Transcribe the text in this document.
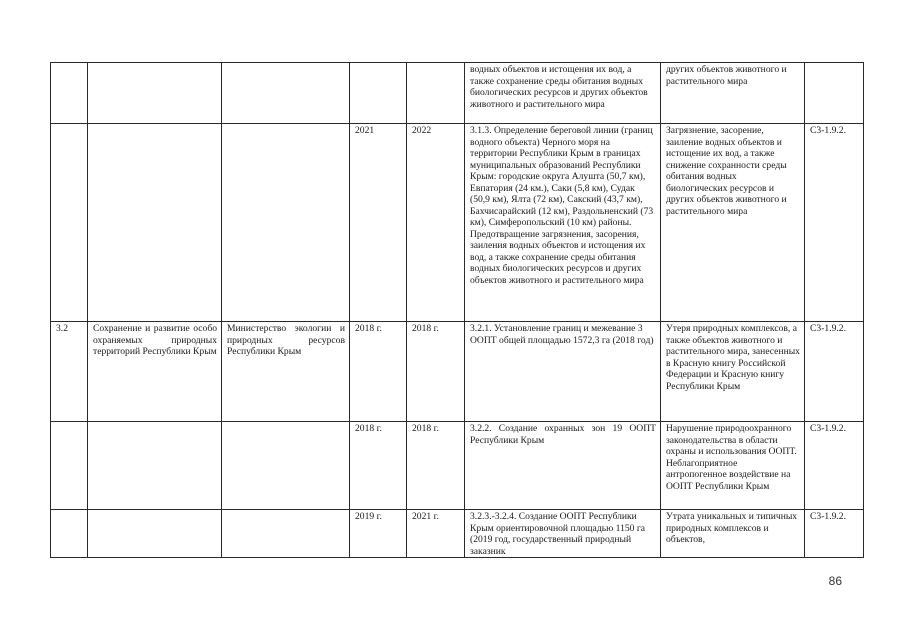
					водных объектов и истощения их вод, а также сохранение среды обитания водных биологических ресурсов и других объектов животного и растительного мира	других объектов животного и растительного мира	
			2021	2022	3.1.3. Определение береговой линии (границ водного объекта) Черного моря на территории Республики Крым в границах муниципальных образований Республики Крым: городские округа Алушта (50,7 км), Евпатория (24 км.), Саки (5,8 км), Судак (50,9 км), Ялта (72 км), Сакский (43,7 км), Бахчисарайский (12 км), Раздольненский (73 км), Симферопольский (10 км) районы. Предотвращение загрязнения, засорения, заиления водных объектов и истощения их вод, а также сохранение среды обитания водных биологических ресурсов и других объектов животного и растительного мира	Загрязнение, засорение, заиление водных объектов и истощение их вод, а также снижение сохранности среды обитания водных биологических ресурсов и других объектов животного и растительного мира	С3-1.9.2.
3.2	Сохранение и развитие особо охраняемых природных территорий Республики Крым	Министерство экологии и природных ресурсов Республики Крым	2018 г.	2018 г.	3.2.1. Установление границ и межевание 3 ООПТ общей площадью 1572,3 га (2018 год)	Утеря природных комплексов, а также объектов животного и растительного мира, занесенных в Красную книгу Российской Федерации и Красную книгу Республики Крым	С3-1.9.2.
			2018 г.	2018 г.	3.2.2. Создание охранных зон 19 ООПТ Республики Крым	Нарушение природоохранного законодательства в области охраны и использования ООПТ. Неблагоприятное антропогенное воздействие на ООПТ Республики Крым	С3-1.9.2.
			2019 г.	2021 г.	3.2.3.-3.2.4. Создание ООПТ Республики Крым ориентировочной площадью 1150 га (2019 год, государственный природный заказник	Утрата уникальных и типичных природных комплексов и объектов,	С3-1.9.2.
86
